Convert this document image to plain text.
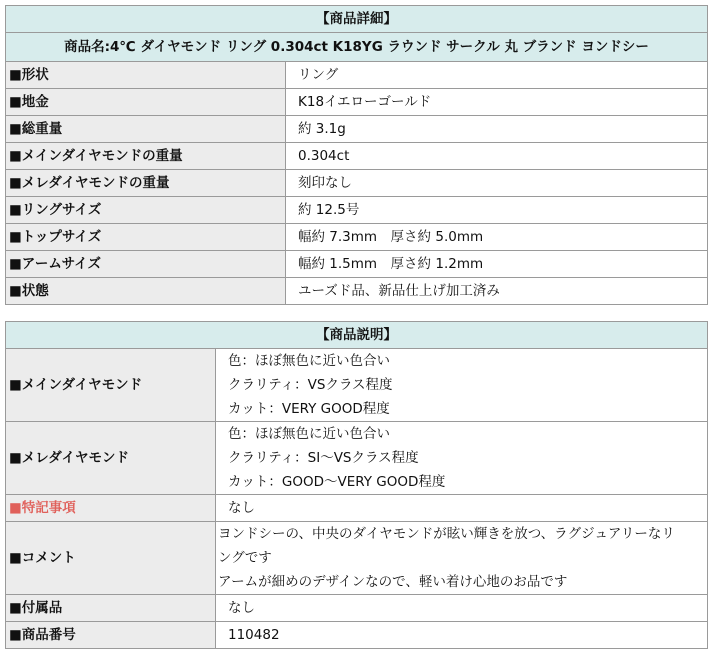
【商品詳細】	
商品名:4℃ ダイヤモンド リング 0.304ct K18YG ラウンド サークル 丸 ブランド ヨンドシー	
■形状	リング
■地金	K18イエローゴールド
■総重量	約 3.1g
■メインダイヤモンドの重量	0.304ct
■メレダイヤモンドの重量	刻印なし
■リングサイズ	約 12.5号
■トップサイズ	幅約 7.3mm　厚さ約 5.0mm
■アームサイズ	幅約 1.5mm　厚さ約 1.2mm
■状態	ユーズド品、新品仕上げ加工済み
【商品説明】	
■メインダイヤモンド	色：ほぼ無色に近い色合い
クラリティ：VSクラス程度
カット：VERY GOOD程度

■メレダイヤモンド	色：ほぼ無色に近い色合い
クラリティ：SI～VSクラス程度
カット：GOOD～VERY GOOD程度

■特記事項	なし
■コメント	ヨンドシーの、中央のダイヤモンドが眩い輝きを放つ、ラグジュアリーなリ
ングです
アームが細めのデザインなので、軽い着け心地のお品です

■付属品	なし
■商品番号	110482
